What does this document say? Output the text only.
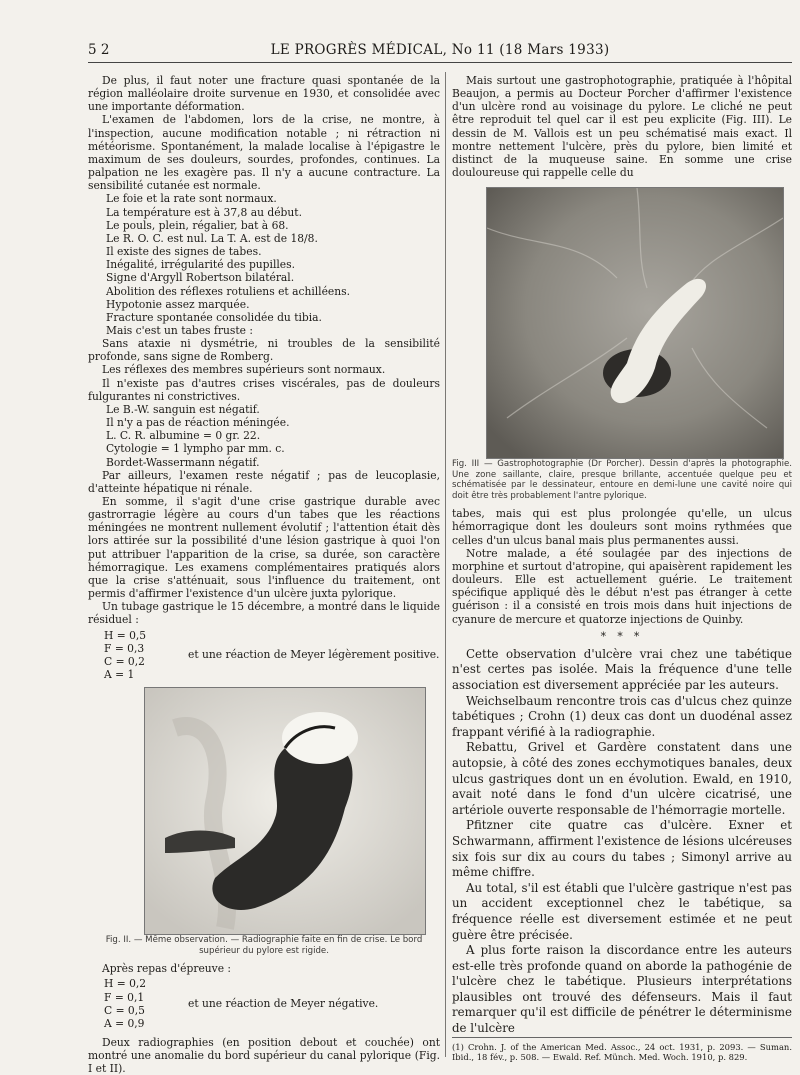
5 2	LE PROGRÈS MÉDICAL, No 11 (18 Mars 1933)

De plus, il faut noter une fracture quasi spontanée de la région malléolaire droite survenue en 1930, et consolidée avec une importante déformation.

L'examen de l'abdomen, lors de la crise, ne montre, à l'inspection, aucune modification notable ; ni rétraction ni météorisme. Spontanément, la malade localise à l'épigastre le maximum de ses douleurs, sourdes, profondes, continues. La palpation ne les exagère pas. Il n'y a aucune contracture. La sensibilité cutanée est normale.

Le foie et la rate sont normaux.

La température est à 37,8 au début.

Le pouls, plein, régalier, bat à 68.

Le R. O. C. est nul. La T. A. est de 18/8.

Il existe des signes de tabes.

Inégalité, irrégularité des pupilles.

Signe d'Argyll Robertson bilatéral.

Abolition des réflexes rotuliens et achilléens.

Hypotonie assez marquée.

Fracture spontanée consolidée du tibia.

Mais c'est un tabes fruste :

Sans ataxie ni dysmétrie, ni troubles de la sensibilité profonde, sans signe de Romberg.

Les réflexes des membres supérieurs sont normaux.

Il n'existe pas d'autres crises viscérales, pas de douleurs fulgurantes ni constrictives.

Le B.-W. sanguin est négatif.

Il n'y a pas de réaction méningée.

L. C. R. albumine = 0 gr. 22.

Cytologie = 1 lympho par mm. c.

Bordet-Wassermann négatif.

Par ailleurs, l'examen reste négatif ; pas de leucoplasie, d'atteinte hépatique ni rénale.

En somme, il s'agit d'une crise gastrique durable avec gastrorragie légère au cours d'un tabes que les réactions méningées ne montrent nullement évolutif ; l'attention était dès lors attirée sur la possibilité d'une lésion gastrique à quoi l'on put attribuer l'apparition de la crise, sa durée, son caractère hémorragique. Les examens complémentaires pratiqués alors que la crise s'atténuait, sous l'influence du traitement, ont permis d'affirmer l'existence d'un ulcère juxta pylorique.

Un tubage gastrique le 15 décembre, a montré dans le liquide résiduel :

H = 0,5

F = 0,3

C = 0,2

A = 1

et une réaction de Meyer légèrement positive.

Fig. II. — Même observation. — Radiographie faite en fin de crise. Le bord supérieur du pylore est rigide.

Après repas d'épreuve :

H = 0,2

F = 0,1

C = 0,5

A = 0,9

et une réaction de Meyer négative.

Deux radiographies (en position debout et couchée) ont montré une anomalie du bord supérieur du canal pylorique (Fig. I et II).

Mais surtout une gastrophotographie, pratiquée à l'hôpital Beaujon, a permis au Docteur Porcher d'affirmer l'existence d'un ulcère rond au voisinage du pylore. Le cliché ne peut être reproduit tel quel car il est peu explicite (Fig. III). Le dessin de M. Vallois est un peu schématisé mais exact. Il montre nettement l'ulcère, près du pylore, bien limité et distinct de la muqueuse saine. En somme une crise douloureuse qui rappelle celle du

Fig. III — Gastrophotographie (Dr Porcher). Dessin d'après la photographie. Une zone saillante, claire, presque brillante, accentuée quelque peu et schématisée par le dessinateur, entoure en demi-lune une cavité noire qui doit être très probablement l'antre pylorique.

tabes, mais qui est plus prolongée qu'elle, un ulcus hémorragique dont les douleurs sont moins rythmées que celles d'un ulcus banal mais plus permanentes aussi.

Notre malade, a été soulagée par des injections de morphine et surtout d'atropine, qui apaisèrent rapidement les douleurs. Elle est actuellement guérie. Le traitement spécifique appliqué dès le début n'est pas étranger à cette guérison : il a consisté en trois mois dans huit injections de cyanure de mercure et quatorze injections de Quinby.

* * *

Cette observation d'ulcère vrai chez une tabétique n'est certes pas isolée. Mais la fréquence d'une telle association est diversement appréciée par les auteurs.

Weichselbaum rencontre trois cas d'ulcus chez quinze tabétiques ; Crohn (1) deux cas dont un duodénal assez frappant vérifié à la radiographie.

Rebattu, Grivel et Gardère constatent dans une autopsie, à côté des zones ecchymotiques banales, deux ulcus gastriques dont un en évolution. Ewald, en 1910, avait noté dans le fond d'un ulcère cicatrisé, une artériole ouverte responsable de l'hémorragie mortelle.

Pfitzner cite quatre cas d'ulcère. Exner et Schwarmann, affirment l'existence de lésions ulcéreuses six fois sur dix au cours du tabes ; Simonyl arrive au même chiffre.

Au total, s'il est établi que l'ulcère gastrique n'est pas un accident exceptionnel chez le tabétique, sa fréquence réelle est diversement estimée et ne peut guère être précisée.

A plus forte raison la discordance entre les auteurs est-elle très profonde quand on aborde la pathogénie de l'ulcère chez le tabétique. Plusieurs interprétations plausibles ont trouvé des défenseurs. Mais il faut remarquer qu'il est difficile de pénétrer le déterminisme de l'ulcère

(1) Crohn. J. of the American Med. Assoc., 24 oct. 1931, p. 2093. — Suman. Ibid., 18 fév., p. 508. — Ewald. Ref. Münch. Med. Woch. 1910, p. 829.
